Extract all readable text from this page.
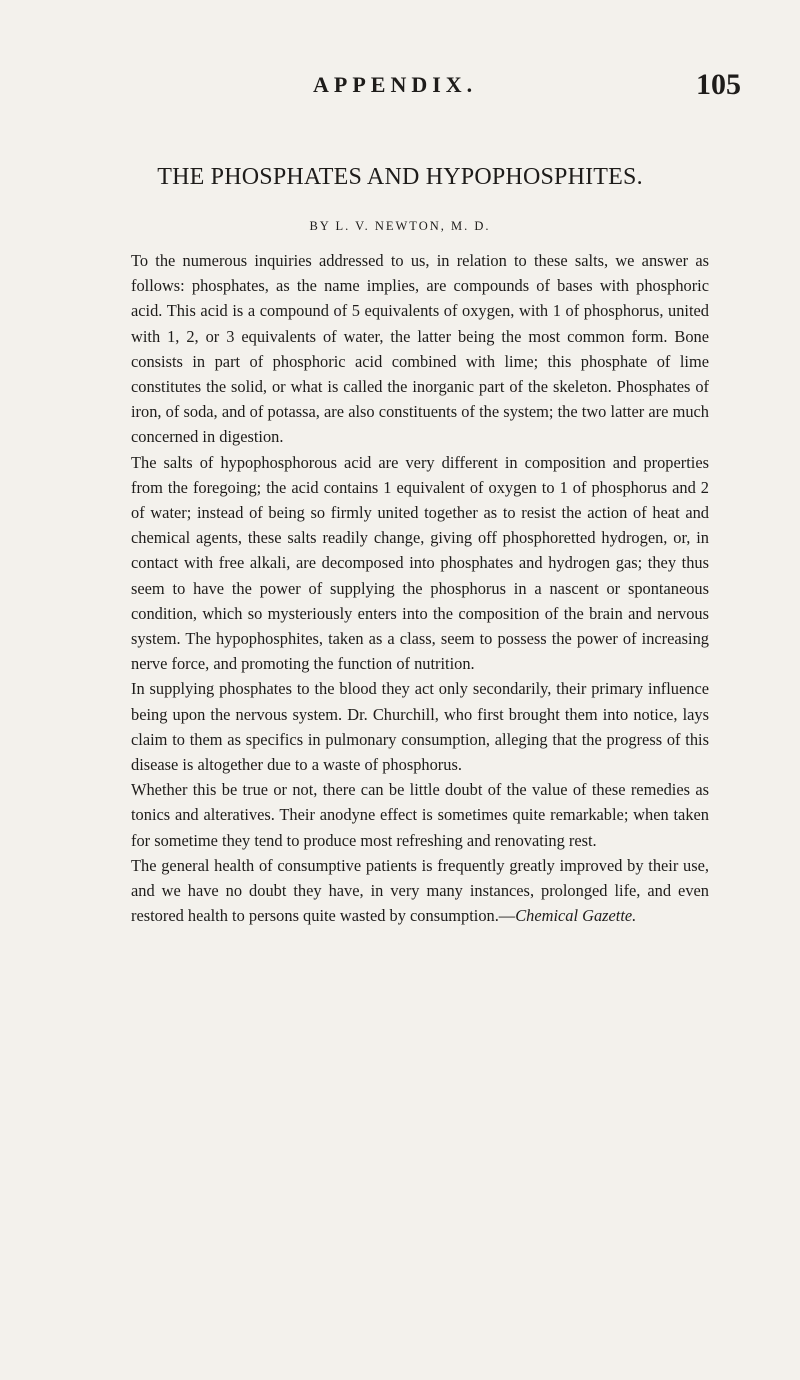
APPENDIX.	105
THE PHOSPHATES AND HYPOPHOSPHITES.
BY L. V. NEWTON, M. D.

To the numerous inquiries addressed to us, in relation to these salts, we answer as follows: phosphates, as the name implies, are compounds of bases with phosphoric acid. This acid is a compound of 5 equivalents of oxygen, with 1 of phosphorus, united with 1, 2, or 3 equivalents of water, the latter being the most common form. Bone consists in part of phosphoric acid combined with lime; this phosphate of lime constitutes the solid, or what is called the inorganic part of the skeleton. Phosphates of iron, of soda, and of potassa, are also constituents of the system; the two latter are much concerned in digestion.

The salts of hypophosphorous acid are very different in composition and properties from the foregoing; the acid contains 1 equivalent of oxygen to 1 of phosphorus and 2 of water; instead of being so firmly united together as to resist the action of heat and chemical agents, these salts readily change, giving off phosphoretted hydrogen, or, in contact with free alkali, are decomposed into phosphates and hydrogen gas; they thus seem to have the power of supplying the phosphorus in a nascent or spontaneous condition, which so mysteriously enters into the composition of the brain and nervous system. The hypophosphites, taken as a class, seem to possess the power of increasing nerve force, and promoting the function of nutrition.

In supplying phosphates to the blood they act only secondarily, their primary influence being upon the nervous system. Dr. Churchill, who first brought them into notice, lays claim to them as specifics in pulmonary consumption, alleging that the progress of this disease is altogether due to a waste of phosphorus.

Whether this be true or not, there can be little doubt of the value of these remedies as tonics and alteratives. Their anodyne effect is sometimes quite remarkable; when taken for sometime they tend to produce most refreshing and renovating rest.

The general health of consumptive patients is frequently greatly improved by their use, and we have no doubt they have, in very many instances, prolonged life, and even restored health to persons quite wasted by consumption.—Chemical Gazette.
